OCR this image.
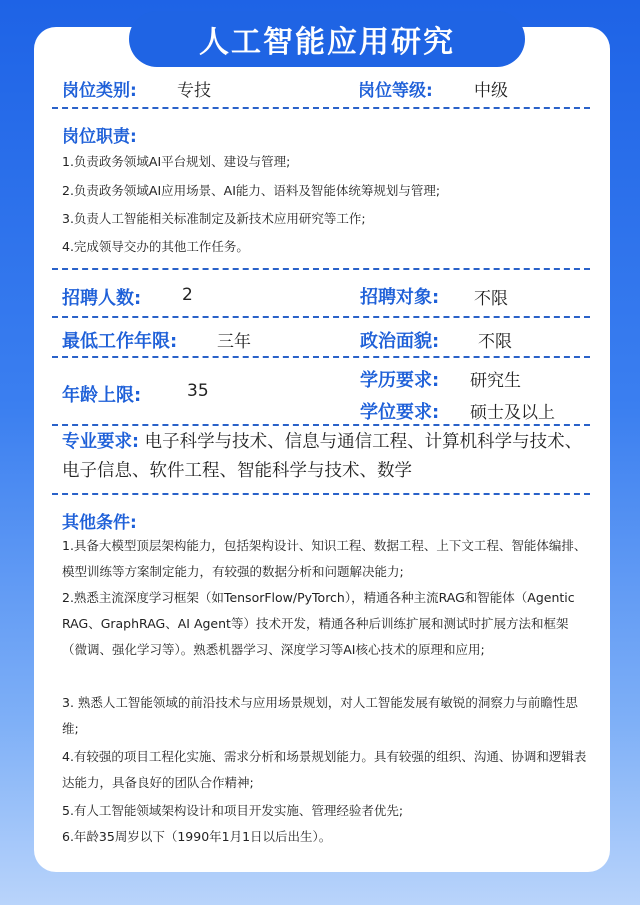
人工智能应用研究
岗位类别: 专技	岗位等级: 中级
岗位职责:
1.负责政务领域AI平台规划、建设与管理;
2.负责政务领域AI应用场景、AI能力、语料及智能体统筹规划与管理;
3.负责人工智能相关标准制定及新技术应用研究等工作;
4.完成领导交办的其他工作任务。
招聘人数: 2	招聘对象: 不限
最低工作年限: 三年	政治面貌: 不限
年龄上限:	35	学历要求: 研究生
学位要求: 硕士及以上
专业要求: 电子科学与技术、信息与通信工程、计算机科学与技术、电子信息、软件工程、智能科学与技术、数学
其他条件:
1.具备大模型顶层架构能力，包括架构设计、知识工程、数据工程、上下文工程、智能体编排、模型训练等方案制定能力，有较强的数据分析和问题解决能力;
2.熟悉主流深度学习框架（如TensorFlow/PyTorch），精通各种主流RAG和智能体（Agentic RAG、GraphRAG、AI Agent等）技术开发，精通各种后训练扩展和测试时扩展方法和框架（微调、强化学习等）。熟悉机器学习、深度学习等AI核心技术的原理和应用;
3. 熟悉人工智能领域的前沿技术与应用场景规划，对人工智能发展有敏锐的洞察力与前瞻性思维;
4.有较强的项目工程化实施、需求分析和场景规划能力。具有较强的组织、沟通、协调和逻辑表达能力，具备良好的团队合作精神;
5.有人工智能领域架构设计和项目开发实施、管理经验者优先;
6.年龄35周岁以下（1990年1月1日以后出生）。
